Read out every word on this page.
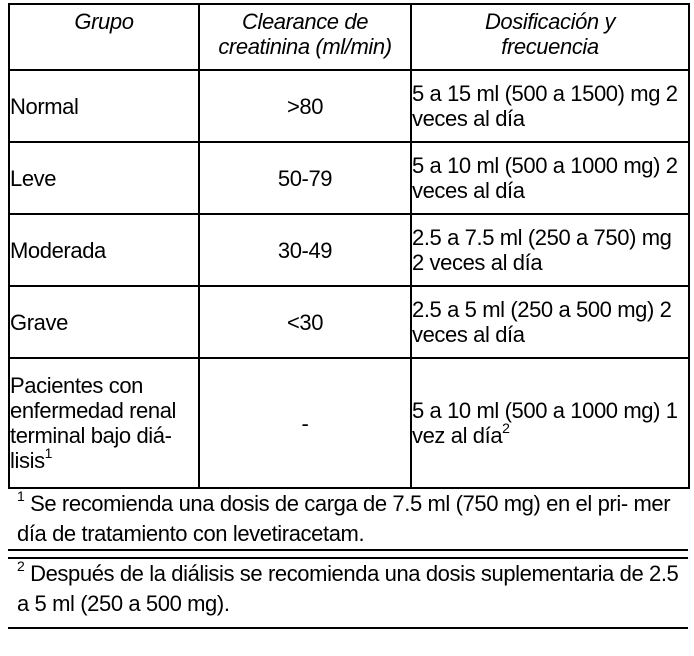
Grupo	Clearance de creatinina (ml/min)	Dosificación y frecuencia
Normal	>80	5 a 15 ml (500 a 1500) mg 2 veces al día
Leve	50-79	5 a 10 ml (500 a 1000 mg) 2 veces al día
Moderada	30-49	2.5 a 7.5 ml (250 a 750) mg 2 veces al día
Grave	<30	2.5 a 5 ml (250 a 500 mg) 2 veces al día
Pacientes con enfermedad renal terminal bajo diá- lisis$^1$	-	5 a 10 ml (500 a 1000 mg) 1 vez al día$^2$
$^1$ Se recomienda una dosis de carga de 7.5 ml (750 mg) en el pri- mer día de tratamiento con levetiracetam.
$^2$ Después de la diálisis se recomienda una dosis suplementaria de 2.5 a 5 ml (250 a 500 mg).
